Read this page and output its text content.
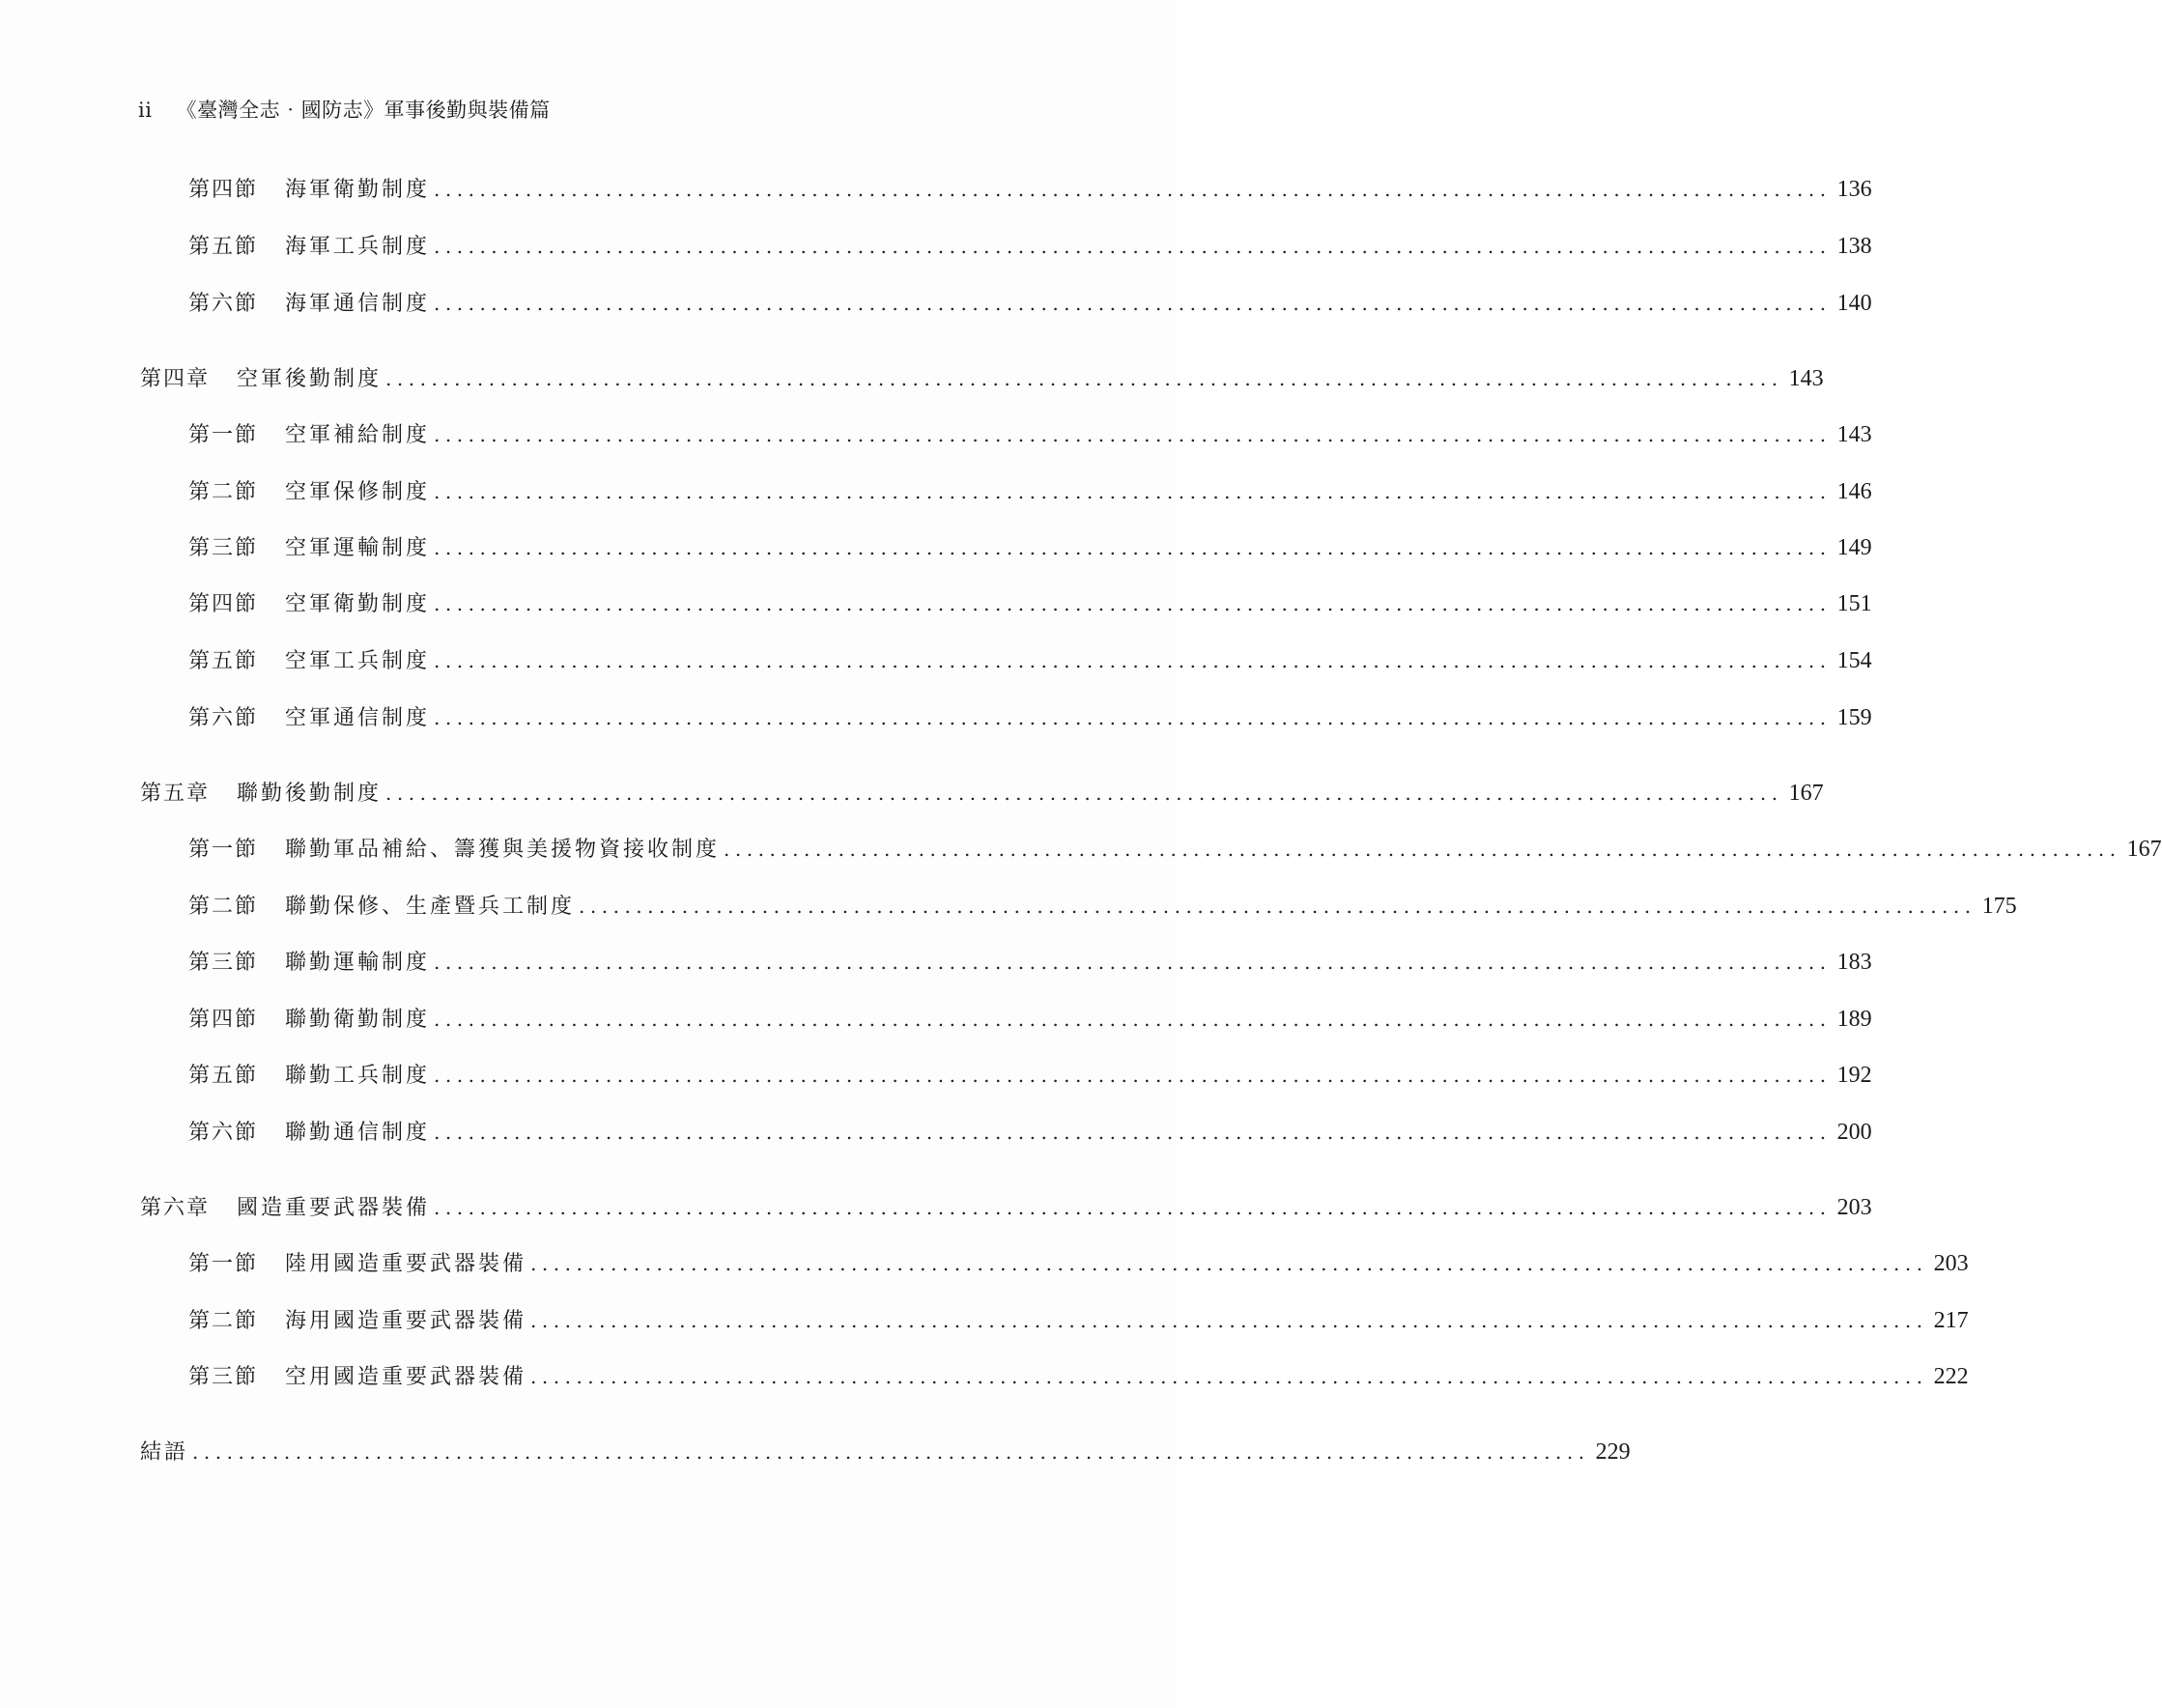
ii 《臺灣全志‧國防志》軍事後勤與裝備篇
第四節 海軍衛勤制度 .......................................................................................................................... 136
第五節 海軍工兵制度 .......................................................................................................................... 138
第六節 海軍通信制度 .......................................................................................................................... 140
第四章 空軍後勤制度 .......................................................................................................................... 143
第一節 空軍補給制度 .......................................................................................................................... 143
第二節 空軍保修制度 .......................................................................................................................... 146
第三節 空軍運輸制度 .......................................................................................................................... 149
第四節 空軍衛勤制度 .......................................................................................................................... 151
第五節 空軍工兵制度 .......................................................................................................................... 154
第六節 空軍通信制度 .......................................................................................................................... 159
第五章 聯勤後勤制度 .......................................................................................................................... 167
第一節 聯勤軍品補給、籌獲與美援物資接收制度 .......................................................................................................................... 167
第二節 聯勤保修、生產暨兵工制度 .......................................................................................................................... 175
第三節 聯勤運輸制度 .......................................................................................................................... 183
第四節 聯勤衛勤制度 .......................................................................................................................... 189
第五節 聯勤工兵制度 .......................................................................................................................... 192
第六節 聯勤通信制度 .......................................................................................................................... 200
第六章 國造重要武器裝備 .......................................................................................................................... 203
第一節 陸用國造重要武器裝備 .......................................................................................................................... 203
第二節 海用國造重要武器裝備 .......................................................................................................................... 217
第三節 空用國造重要武器裝備 .......................................................................................................................... 222
結語 .......................................................................................................................... 229
